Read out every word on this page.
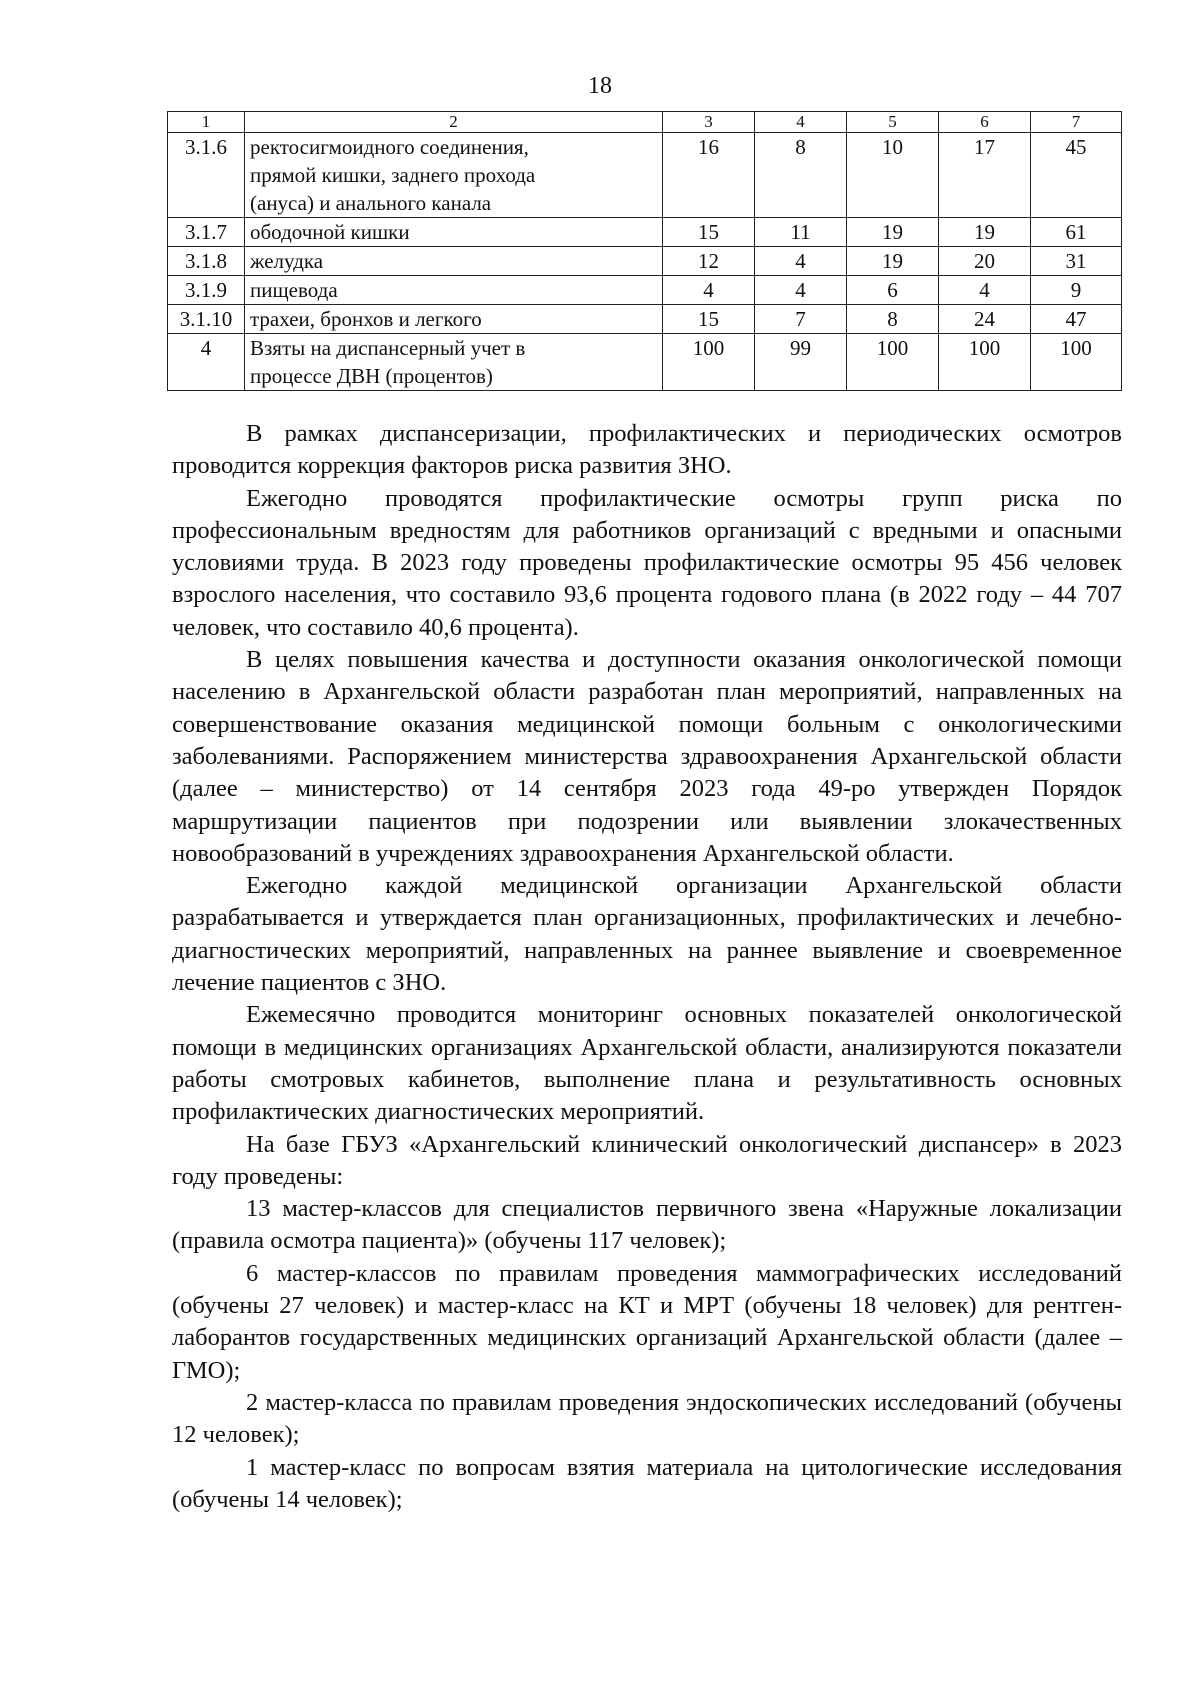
18
1	2	3	4	5	6	7
3.1.6	ректосигмоидного соединения, прямой кишки, заднего прохода (ануса) и анального канала	16	8	10	17	45
3.1.7	ободочной кишки	15	11	19	19	61
3.1.8	желудка	12	4	19	20	31
3.1.9	пищевода	4	4	6	4	9
3.1.10	трахеи, бронхов и легкого	15	7	8	24	47
4	Взяты на диспансерный учет в процессе ДВН (процентов)	100	99	100	100	100

В рамках диспансеризации, профилактических и периодических осмотров проводится коррекция факторов риска развития ЗНО.

Ежегодно проводятся профилактические осмотры групп риска по профессиональным вредностям для работников организаций с вредными и опасными условиями труда. В 2023 году проведены профилактические осмотры 95 456 человек взрослого населения, что составило 93,6 процента годового плана (в 2022 году – 44 707 человек, что составило 40,6 процента).

В целях повышения качества и доступности оказания онкологической помощи населению в Архангельской области разработан план мероприятий, направленных на совершенствование оказания медицинской помощи больным с онкологическими заболеваниями. Распоряжением министерства здравоохранения Архангельской области (далее – министерство) от 14 сентября 2023 года 49-ро утвержден Порядок маршрутизации пациентов при подозрении или выявлении злокачественных новообразований в учреждениях здравоохранения Архангельской области.

Ежегодно каждой медицинской организации Архангельской области разрабатывается и утверждается план организационных, профилактических и лечебно-диагностических мероприятий, направленных на раннее выявление и своевременное лечение пациентов с ЗНО.

Ежемесячно проводится мониторинг основных показателей онкологической помощи в медицинских организациях Архангельской области, анализируются показатели работы смотровых кабинетов, выполнение плана и результативность основных профилактических диагностических мероприятий.

На базе ГБУЗ «Архангельский клинический онкологический диспансер» в 2023 году проведены:

13 мастер-классов для специалистов первичного звена «Наружные локализации (правила осмотра пациента)» (обучены 117 человек);

6 мастер-классов по правилам проведения маммографических исследований (обучены 27 человек) и мастер-класс на КТ и МРТ (обучены 18 человек) для рентген-лаборантов государственных медицинских организаций Архангельской области (далее – ГМО);

2 мастер-класса по правилам проведения эндоскопических исследований (обучены 12 человек);

1 мастер-класс по вопросам взятия материала на цитологические исследования (обучены 14 человек);
